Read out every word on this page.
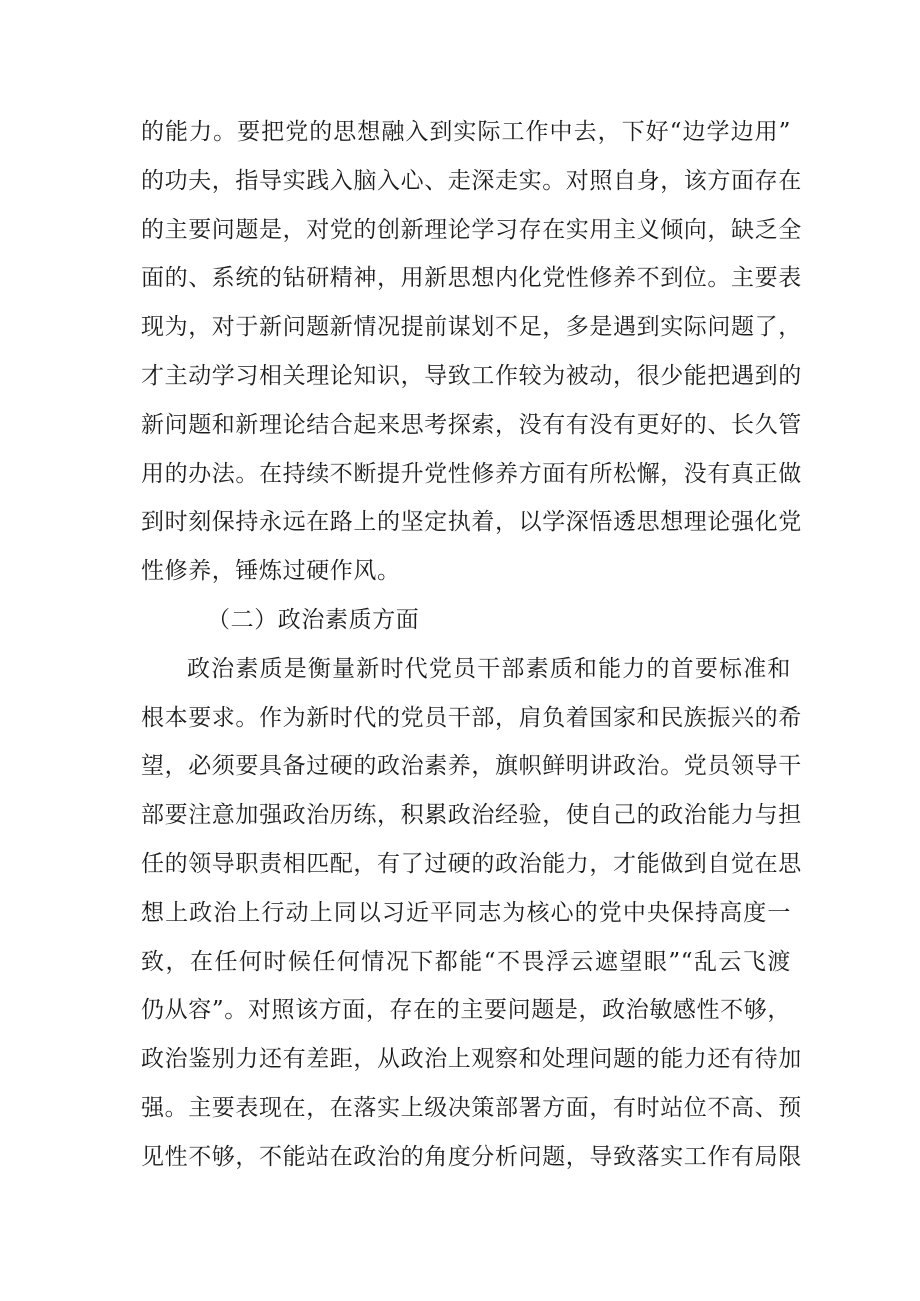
的能力。要把党的思想融入到实际工作中去，下好“边学边用”
的功夫，指导实践入脑入心、走深走实。对照自身，该方面存在
的主要问题是，对党的创新理论学习存在实用主义倾向，缺乏全
面的、系统的钻研精神，用新思想内化党性修养不到位。主要表
现为，对于新问题新情况提前谋划不足，多是遇到实际问题了，
才主动学习相关理论知识，导致工作较为被动，很少能把遇到的
新问题和新理论结合起来思考探索，没有有没有更好的、长久管
用的办法。在持续不断提升党性修养方面有所松懈，没有真正做
到时刻保持永远在路上的坚定执着，以学深悟透思想理论强化党
性修养，锤炼过硬作风。
（二）政治素质方面
政治素质是衡量新时代党员干部素质和能力的首要标准和
根本要求。作为新时代的党员干部，肩负着国家和民族振兴的希
望，必须要具备过硬的政治素养，旗帜鲜明讲政治。党员领导干
部要注意加强政治历练，积累政治经验，使自己的政治能力与担
任的领导职责相匹配，有了过硬的政治能力，才能做到自觉在思
想上政治上行动上同以习近平同志为核心的党中央保持高度一
致，在任何时候任何情况下都能“不畏浮云遮望眼”“乱云飞渡
仍从容”。对照该方面，存在的主要问题是，政治敏感性不够，
政治鉴别力还有差距，从政治上观察和处理问题的能力还有待加
强。主要表现在，在落实上级决策部署方面，有时站位不高、预
见性不够，不能站在政治的角度分析问题，导致落实工作有局限
